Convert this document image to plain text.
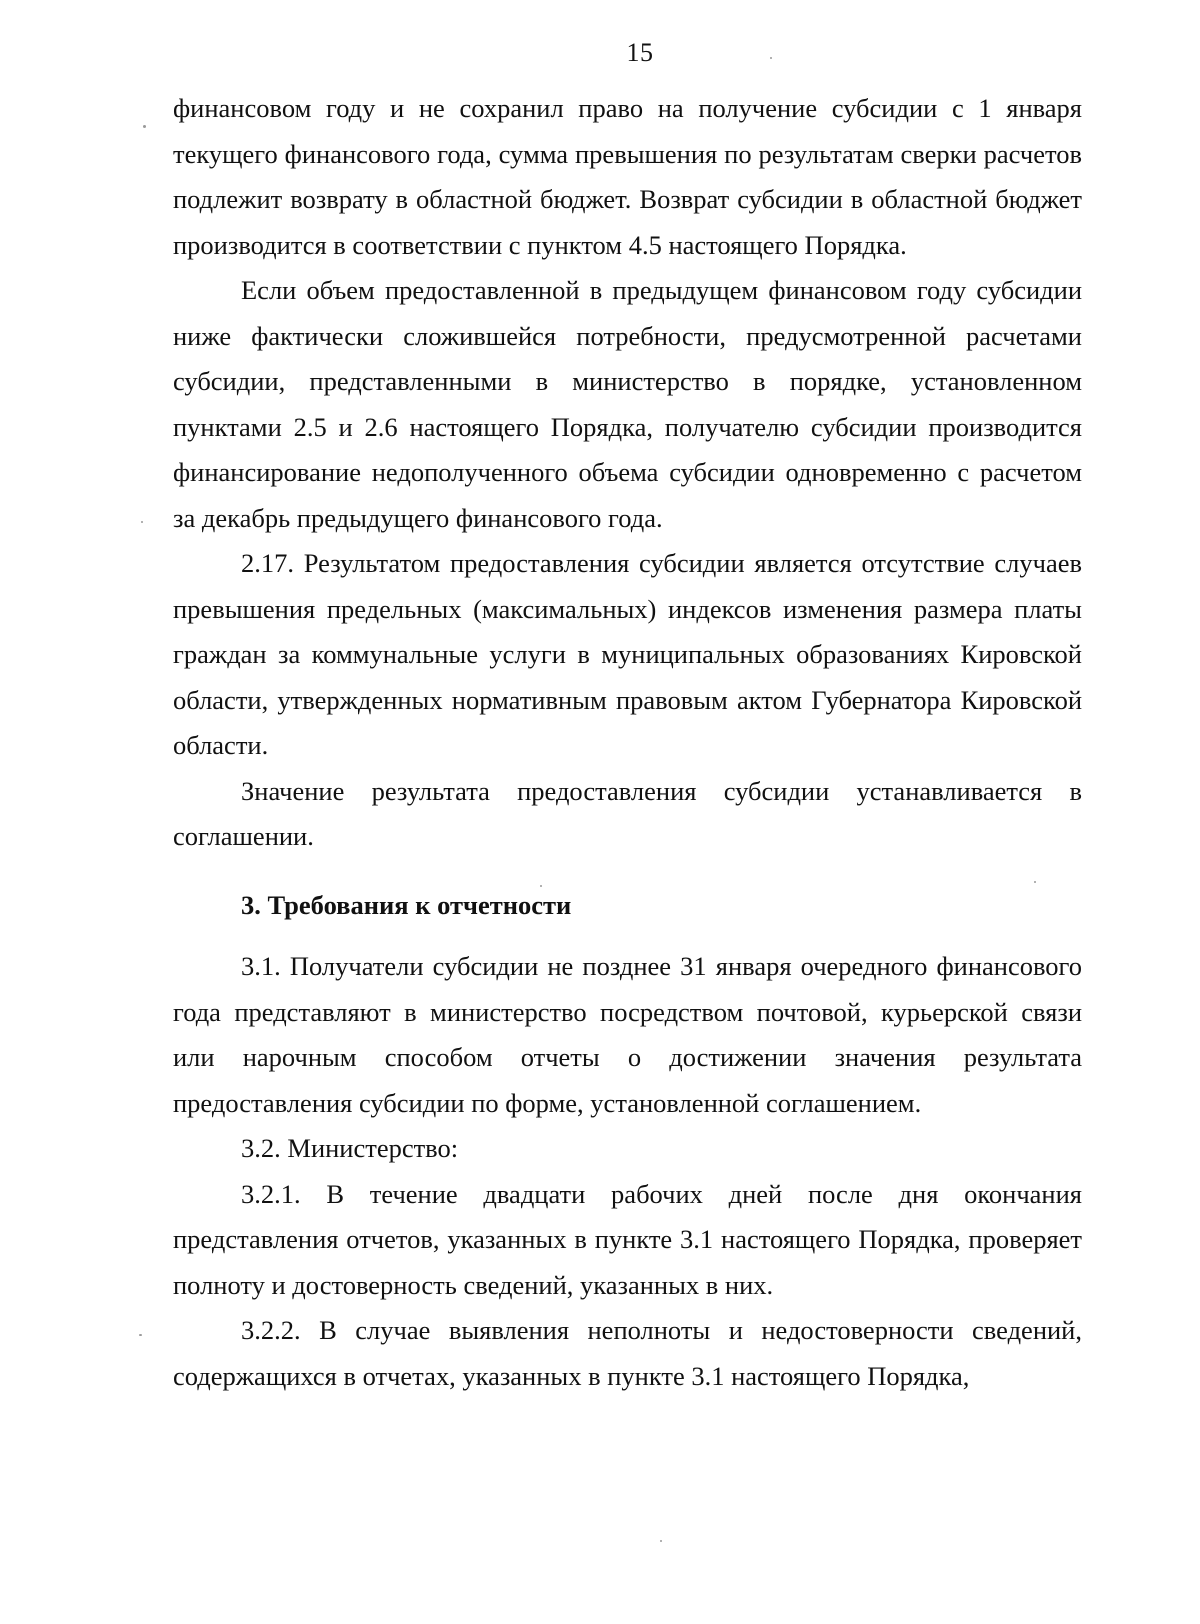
15

финансовом году и не сохранил право на получение субсидии с 1 января текущего финансового года, сумма превышения по результатам сверки расчетов подлежит возврату в областной бюджет. Возврат субсидии в областной бюджет производится в соответствии с пунктом 4.5 настоящего Порядка.

Если объем предоставленной в предыдущем финансовом году субсидии ниже фактически сложившейся потребности, предусмотренной расчетами субсидии, представленными в министерство в порядке, установленном пунктами 2.5 и 2.6 настоящего Порядка, получателю субсидии производится финансирование недополученного объема субсидии одновременно с расчетом за декабрь предыдущего финансового года.

2.17. Результатом предоставления субсидии является отсутствие случаев превышения предельных (максимальных) индексов изменения размера платы граждан за коммунальные услуги в муниципальных образованиях Кировской области, утвержденных нормативным правовым актом Губернатора Кировской области.

Значение результата предоставления субсидии устанавливается в соглашении.

3. Требования к отчетности

3.1. Получатели субсидии не позднее 31 января очередного финансового года представляют в министерство посредством почтовой, курьерской связи или нарочным способом отчеты о достижении значения результата предоставления субсидии по форме, установленной соглашением.

3.2. Министерство:

3.2.1. В течение двадцати рабочих дней после дня окончания представления отчетов, указанных в пункте 3.1 настоящего Порядка, проверяет полноту и достоверность сведений, указанных в них.

3.2.2. В случае выявления неполноты и недостоверности сведений, содержащихся в отчетах, указанных в пункте 3.1 настоящего Порядка,
